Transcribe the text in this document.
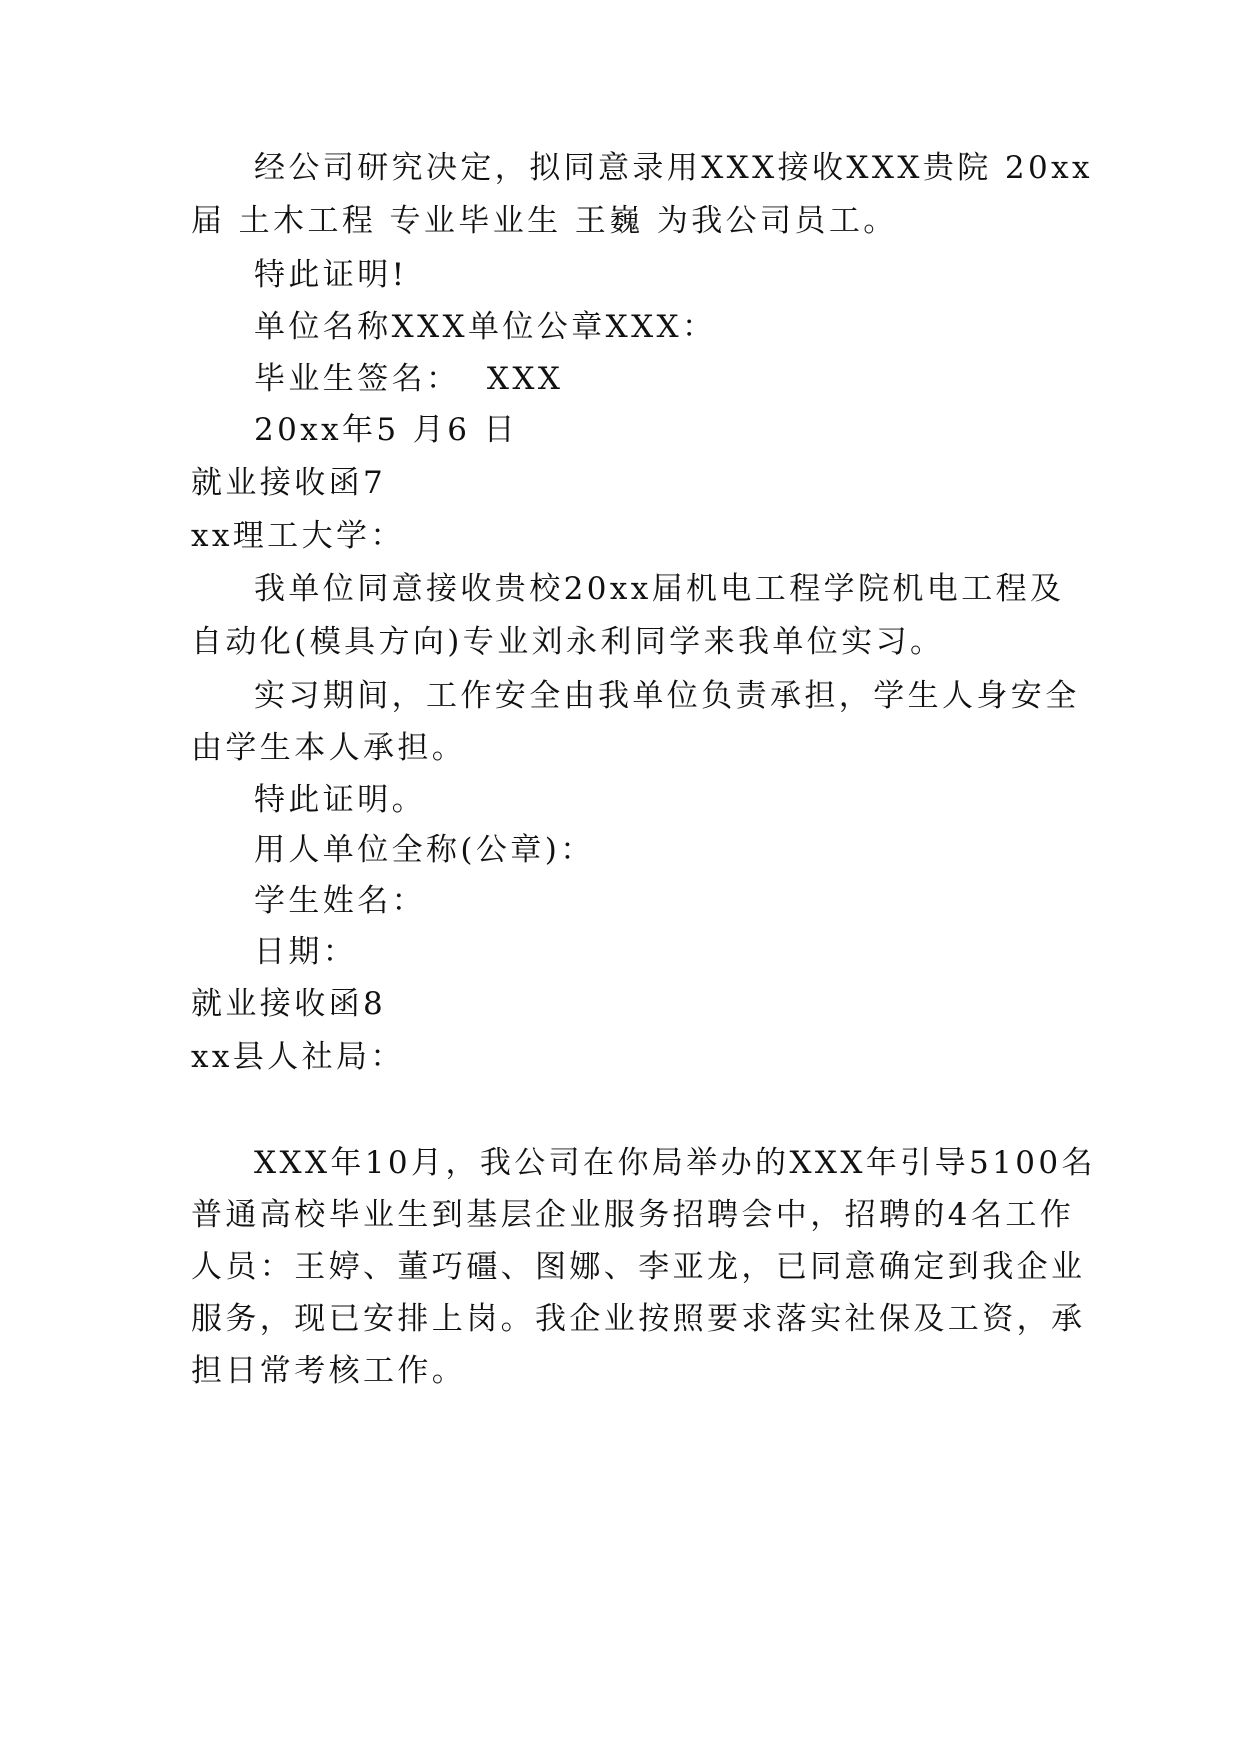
经公司研究决定，拟同意录用XXX接收XXX贵院 20xx

届 土木工程 专业毕业生 王巍 为我公司员工。

特此证明!

单位名称XXX单位公章XXX：

毕业生签名：  XXX

20xx年5 月6 日

就业接收函7

xx理工大学：

我单位同意接收贵校20xx届机电工程学院机电工程及

自动化(模具方向)专业刘永利同学来我单位实习。

实习期间，工作安全由我单位负责承担，学生人身安全

由学生本人承担。

特此证明。

用人单位全称(公章)：

学生姓名：

日期：

就业接收函8

xx县人社局：

XXX年10月，我公司在你局举办的XXX年引导5100名

普通高校毕业生到基层企业服务招聘会中，招聘的4名工作

人员：王婷、董巧礓、图娜、李亚龙，已同意确定到我企业

服务，现已安排上岗。我企业按照要求落实社保及工资，承

担日常考核工作。
